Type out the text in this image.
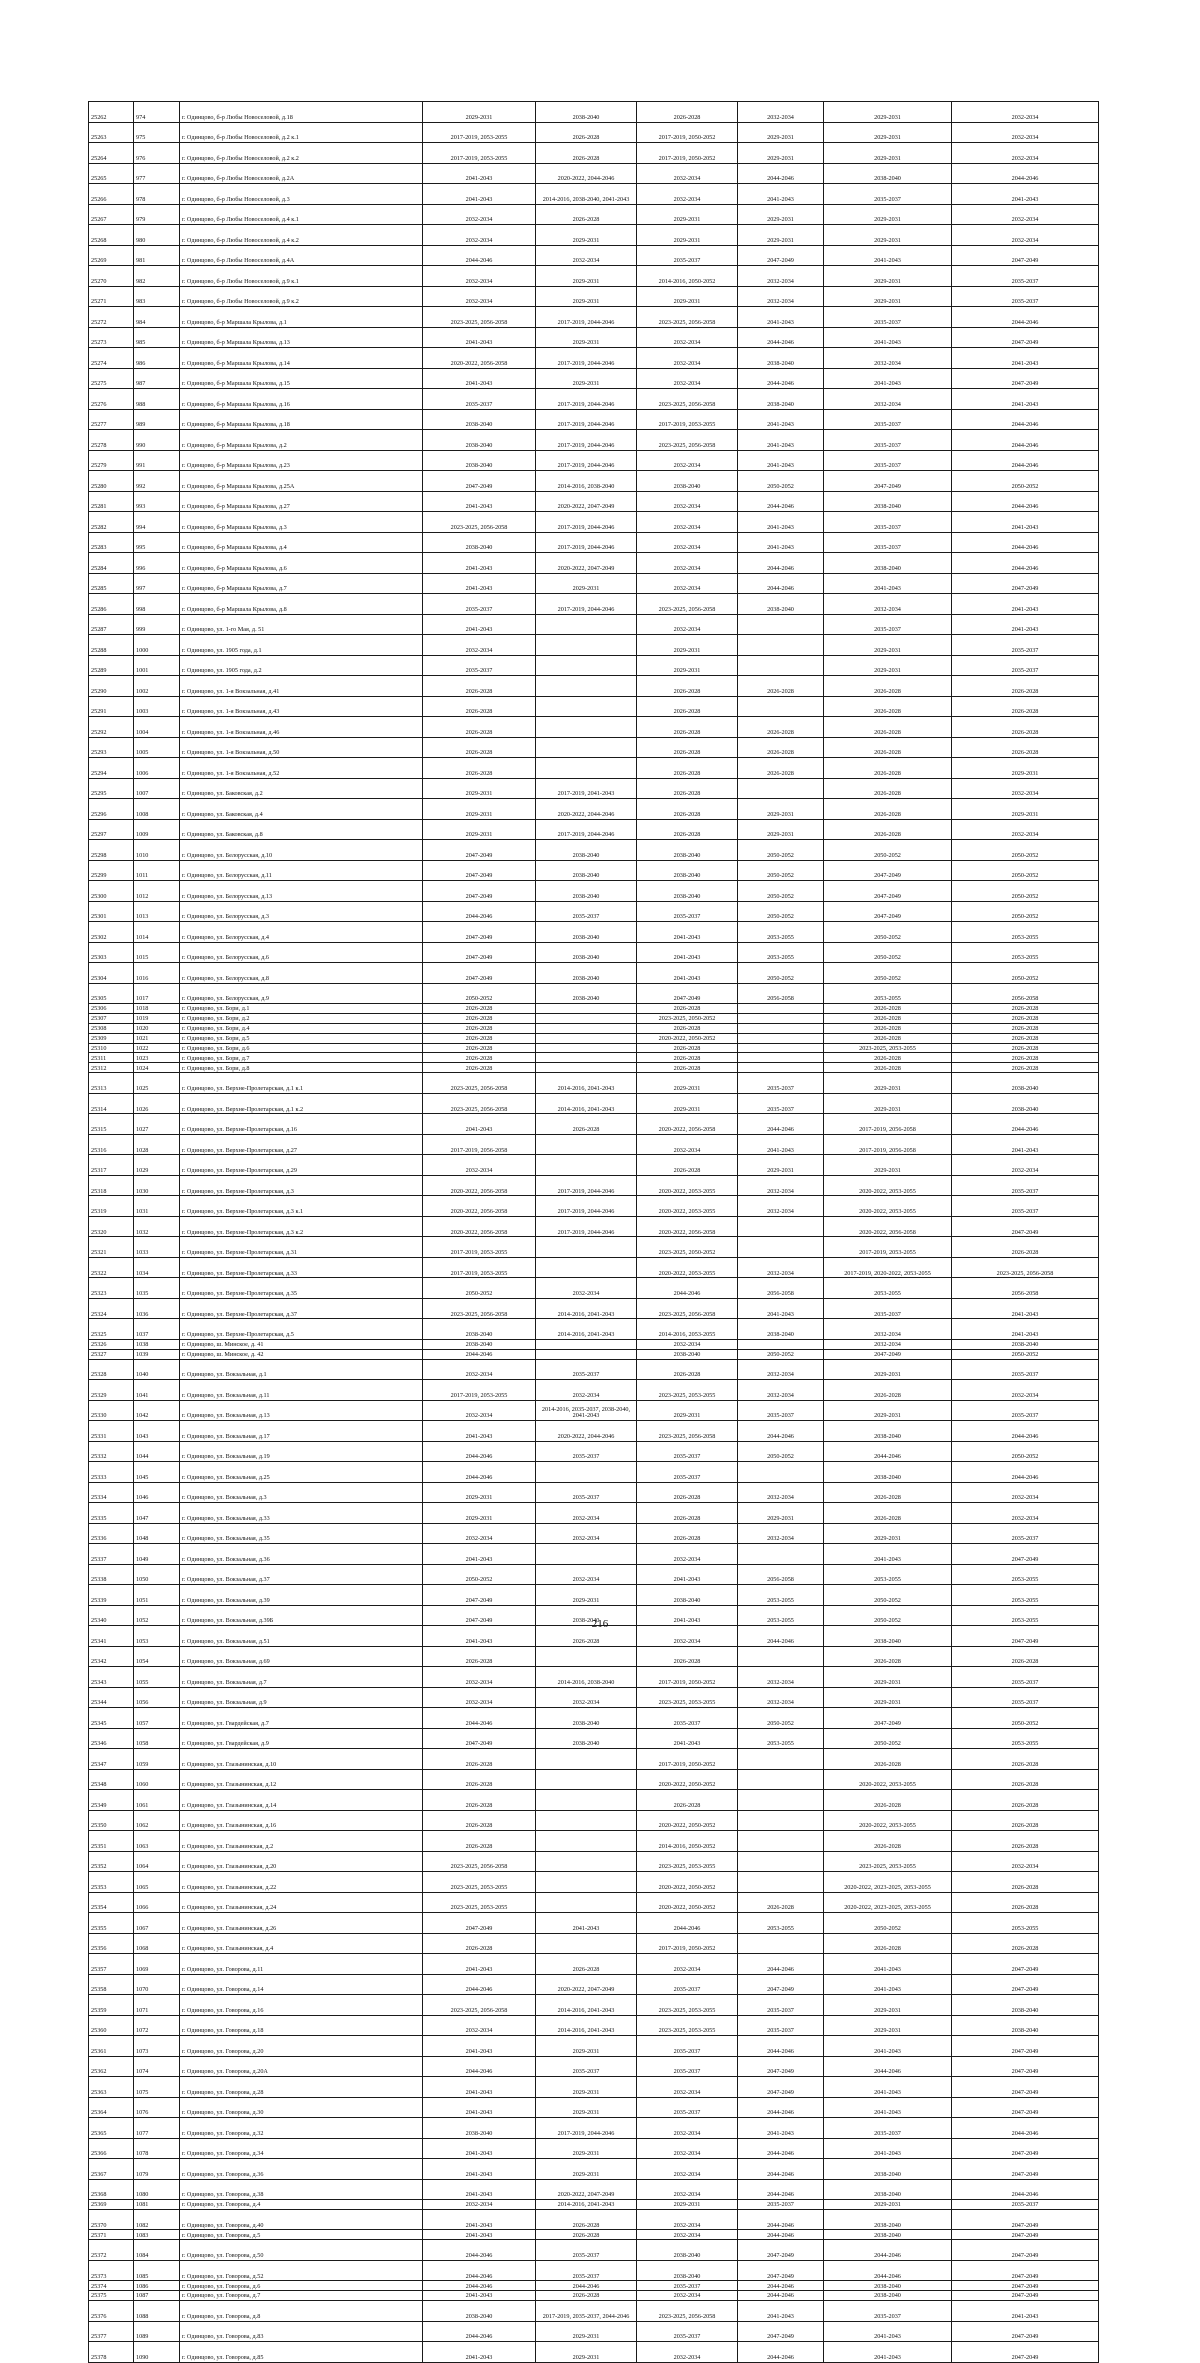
25262	974	г. Одинцово, б-р Любы Новоселовой, д.18	2029-2031	2038-2040	2026-2028	2032-2034	2029-2031	2032-2034
25263	975	г. Одинцово, б-р Любы Новоселовой, д.2 к.1	2017-2019, 2053-2055	2026-2028	2017-2019, 2050-2052	2029-2031	2029-2031	2032-2034
25264	976	г. Одинцово, б-р Любы Новоселовой, д.2 к.2	2017-2019, 2053-2055	2026-2028	2017-2019, 2050-2052	2029-2031	2029-2031	2032-2034
25265	977	г. Одинцово, б-р Любы Новоселовой, д.2А	2041-2043	2020-2022, 2044-2046	2032-2034	2044-2046	2038-2040	2044-2046
25266	978	г. Одинцово, б-р Любы Новоселовой, д.3	2041-2043	2014-2016, 2038-2040, 2041-2043	2032-2034	2041-2043	2035-2037	2041-2043
25267	979	г. Одинцово, б-р Любы Новоселовой, д.4 к.1	2032-2034	2026-2028	2029-2031	2029-2031	2029-2031	2032-2034
25268	980	г. Одинцово, б-р Любы Новоселовой, д.4 к.2	2032-2034	2029-2031	2029-2031	2029-2031	2029-2031	2032-2034
25269	981	г. Одинцово, б-р Любы Новоселовой, д.4А	2044-2046	2032-2034	2035-2037	2047-2049	2041-2043	2047-2049
25270	982	г. Одинцово, б-р Любы Новоселовой, д.9 к.1	2032-2034	2029-2031	2014-2016, 2050-2052	2032-2034	2029-2031	2035-2037
25271	983	г. Одинцово, б-р Любы Новоселовой, д.9 к.2	2032-2034	2029-2031	2029-2031	2032-2034	2029-2031	2035-2037
25272	984	г. Одинцово, б-р Маршала Крылова, д.1	2023-2025, 2056-2058	2017-2019, 2044-2046	2023-2025, 2056-2058	2041-2043	2035-2037	2044-2046
25273	985	г. Одинцово, б-р Маршала Крылова, д.13	2041-2043	2029-2031	2032-2034	2044-2046	2041-2043	2047-2049
25274	986	г. Одинцово, б-р Маршала Крылова, д.14	2020-2022, 2056-2058	2017-2019, 2044-2046	2032-2034	2038-2040	2032-2034	2041-2043
25275	987	г. Одинцово, б-р Маршала Крылова, д.15	2041-2043	2029-2031	2032-2034	2044-2046	2041-2043	2047-2049
25276	988	г. Одинцово, б-р Маршала Крылова, д.16	2035-2037	2017-2019, 2044-2046	2023-2025, 2056-2058	2038-2040	2032-2034	2041-2043
25277	989	г. Одинцово, б-р Маршала Крылова, д.18	2038-2040	2017-2019, 2044-2046	2017-2019, 2053-2055	2041-2043	2035-2037	2044-2046
25278	990	г. Одинцово, б-р Маршала Крылова, д.2	2038-2040	2017-2019, 2044-2046	2023-2025, 2056-2058	2041-2043	2035-2037	2044-2046
25279	991	г. Одинцово, б-р Маршала Крылова, д.23	2038-2040	2017-2019, 2044-2046	2032-2034	2041-2043	2035-2037	2044-2046
25280	992	г. Одинцово, б-р Маршала Крылова, д.25А	2047-2049	2014-2016, 2038-2040	2038-2040	2050-2052	2047-2049	2050-2052
25281	993	г. Одинцово, б-р Маршала Крылова, д.27	2041-2043	2020-2022, 2047-2049	2032-2034	2044-2046	2038-2040	2044-2046
25282	994	г. Одинцово, б-р Маршала Крылова, д.3	2023-2025, 2056-2058	2017-2019, 2044-2046	2032-2034	2041-2043	2035-2037	2041-2043
25283	995	г. Одинцово, б-р Маршала Крылова, д.4	2038-2040	2017-2019, 2044-2046	2032-2034	2041-2043	2035-2037	2044-2046
25284	996	г. Одинцово, б-р Маршала Крылова, д.6	2041-2043	2020-2022, 2047-2049	2032-2034	2044-2046	2038-2040	2044-2046
25285	997	г. Одинцово, б-р Маршала Крылова, д.7	2041-2043	2029-2031	2032-2034	2044-2046	2041-2043	2047-2049
25286	998	г. Одинцово, б-р Маршала Крылова, д.8	2035-2037	2017-2019, 2044-2046	2023-2025, 2056-2058	2038-2040	2032-2034	2041-2043
25287	999	г. Одинцово, ул. 1-го Мая, д. 51	2041-2043		2032-2034		2035-2037	2041-2043
25288	1000	г. Одинцово, ул. 1905 года, д.1	2032-2034		2029-2031		2029-2031	2035-2037
25289	1001	г. Одинцово, ул. 1905 года, д.2	2035-2037		2029-2031		2029-2031	2035-2037
25290	1002	г. Одинцово, ул. 1-я Вокзальная, д.41	2026-2028		2026-2028	2026-2028	2026-2028	2026-2028
25291	1003	г. Одинцово, ул. 1-я Вокзальная, д.43	2026-2028		2026-2028		2026-2028	2026-2028
25292	1004	г. Одинцово, ул. 1-я Вокзальная, д.46	2026-2028		2026-2028	2026-2028	2026-2028	2026-2028
25293	1005	г. Одинцово, ул. 1-я Вокзальная, д.50	2026-2028		2026-2028	2026-2028	2026-2028	2026-2028
25294	1006	г. Одинцово, ул. 1-я Вокзальная, д.52	2026-2028		2026-2028	2026-2028	2026-2028	2029-2031
25295	1007	г. Одинцово, ул. Баковская, д.2	2029-2031	2017-2019, 2041-2043	2026-2028		2026-2028	2032-2034
25296	1008	г. Одинцово, ул. Баковская, д.4	2029-2031	2020-2022, 2044-2046	2026-2028	2029-2031	2026-2028	2029-2031
25297	1009	г. Одинцово, ул. Баковская, д.8	2029-2031	2017-2019, 2044-2046	2026-2028	2029-2031	2026-2028	2032-2034
25298	1010	г. Одинцово, ул. Белорусская, д.10	2047-2049	2038-2040	2038-2040	2050-2052	2050-2052	2050-2052
25299	1011	г. Одинцово, ул. Белорусская, д.11	2047-2049	2038-2040	2038-2040	2050-2052	2047-2049	2050-2052
25300	1012	г. Одинцово, ул. Белорусская, д.13	2047-2049	2038-2040	2038-2040	2050-2052	2047-2049	2050-2052
25301	1013	г. Одинцово, ул. Белорусская, д.3	2044-2046	2035-2037	2035-2037	2050-2052	2047-2049	2050-2052
25302	1014	г. Одинцово, ул. Белорусская, д.4	2047-2049	2038-2040	2041-2043	2053-2055	2050-2052	2053-2055
25303	1015	г. Одинцово, ул. Белорусская, д.6	2047-2049	2038-2040	2041-2043	2053-2055	2050-2052	2053-2055
25304	1016	г. Одинцово, ул. Белорусская, д.8	2047-2049	2038-2040	2041-2043	2050-2052	2050-2052	2050-2052
25305	1017	г. Одинцово, ул. Белорусская, д.9	2050-2052	2038-2040	2047-2049	2056-2058	2053-2055	2056-2058
25306	1018	г. Одинцово, ул. Бори, д.1	2026-2028		2026-2028		2026-2028	2026-2028
25307	1019	г. Одинцово, ул. Бори, д.2	2026-2028		2023-2025, 2050-2052		2026-2028	2026-2028
25308	1020	г. Одинцово, ул. Бори, д.4	2026-2028		2026-2028		2026-2028	2026-2028
25309	1021	г. Одинцово, ул. Бори, д.5	2026-2028		2020-2022, 2050-2052		2026-2028	2026-2028
25310	1022	г. Одинцово, ул. Бори, д.6	2026-2028		2026-2028		2023-2025, 2053-2055	2026-2028
25311	1023	г. Одинцово, ул. Бори, д.7	2026-2028		2026-2028		2026-2028	2026-2028
25312	1024	г. Одинцово, ул. Бори, д.8	2026-2028		2026-2028		2026-2028	2026-2028
25313	1025	г. Одинцово, ул. Верхне-Пролетарская, д.1 к.1	2023-2025, 2056-2058	2014-2016, 2041-2043	2029-2031	2035-2037	2029-2031	2038-2040
25314	1026	г. Одинцово, ул. Верхне-Пролетарская, д.1 к.2	2023-2025, 2056-2058	2014-2016, 2041-2043	2029-2031	2035-2037	2029-2031	2038-2040
25315	1027	г. Одинцово, ул. Верхне-Пролетарская, д.16	2041-2043	2026-2028	2020-2022, 2056-2058	2044-2046	2017-2019, 2056-2058	2044-2046
25316	1028	г. Одинцово, ул. Верхне-Пролетарская, д.27	2017-2019, 2056-2058		2032-2034	2041-2043	2017-2019, 2056-2058	2041-2043
25317	1029	г. Одинцово, ул. Верхне-Пролетарская, д.29	2032-2034		2026-2028	2029-2031	2029-2031	2032-2034
25318	1030	г. Одинцово, ул. Верхне-Пролетарская, д.3	2020-2022, 2056-2058	2017-2019, 2044-2046	2020-2022, 2053-2055	2032-2034	2020-2022, 2053-2055	2035-2037
25319	1031	г. Одинцово, ул. Верхне-Пролетарская, д.3 к.1	2020-2022, 2056-2058	2017-2019, 2044-2046	2020-2022, 2053-2055	2032-2034	2020-2022, 2053-2055	2035-2037
25320	1032	г. Одинцово, ул. Верхне-Пролетарская, д.3 к.2	2020-2022, 2056-2058	2017-2019, 2044-2046	2020-2022, 2056-2058		2020-2022, 2056-2058	2047-2049
25321	1033	г. Одинцово, ул. Верхне-Пролетарская, д.31	2017-2019, 2053-2055		2023-2025, 2050-2052		2017-2019, 2053-2055	2026-2028
25322	1034	г. Одинцово, ул. Верхне-Пролетарская, д.33	2017-2019, 2053-2055		2020-2022, 2053-2055	2032-2034	2017-2019, 2020-2022, 2053-2055	2023-2025, 2056-2058
25323	1035	г. Одинцово, ул. Верхне-Пролетарская, д.35	2050-2052	2032-2034	2044-2046	2056-2058	2053-2055	2056-2058
25324	1036	г. Одинцово, ул. Верхне-Пролетарская, д.37	2023-2025, 2056-2058	2014-2016, 2041-2043	2023-2025, 2056-2058	2041-2043	2035-2037	2041-2043
25325	1037	г. Одинцово, ул. Верхне-Пролетарская, д.5	2038-2040	2014-2016, 2041-2043	2014-2016, 2053-2055	2038-2040	2032-2034	2041-2043
25326	1038	г. Одинцово, ш. Минское, д. 41	2038-2040		2032-2034		2032-2034	2038-2040
25327	1039	г. Одинцово, ш. Минское, д. 42	2044-2046		2038-2040	2050-2052	2047-2049	2050-2052
25328	1040	г. Одинцово, ул. Вокзальная, д.1	2032-2034	2035-2037	2026-2028	2032-2034	2029-2031	2035-2037
25329	1041	г. Одинцово, ул. Вокзальная, д.11	2017-2019, 2053-2055	2032-2034	2023-2025, 2053-2055	2032-2034	2026-2028	2032-2034
25330	1042	г. Одинцово, ул. Вокзальная, д.13	2032-2034	2014-2016, 2035-2037, 2038-2040, 2041-2043	2029-2031	2035-2037	2029-2031	2035-2037
25331	1043	г. Одинцово, ул. Вокзальная, д.17	2041-2043	2020-2022, 2044-2046	2023-2025, 2056-2058	2044-2046	2038-2040	2044-2046
25332	1044	г. Одинцово, ул. Вокзальная, д.19	2044-2046	2035-2037	2035-2037	2050-2052	2044-2046	2050-2052
25333	1045	г. Одинцово, ул. Вокзальная, д.25	2044-2046		2035-2037		2038-2040	2044-2046
25334	1046	г. Одинцово, ул. Вокзальная, д.3	2029-2031	2035-2037	2026-2028	2032-2034	2026-2028	2032-2034
25335	1047	г. Одинцово, ул. Вокзальная, д.33	2029-2031	2032-2034	2026-2028	2029-2031	2026-2028	2032-2034
25336	1048	г. Одинцово, ул. Вокзальная, д.35	2032-2034	2032-2034	2026-2028	2032-2034	2029-2031	2035-2037
25337	1049	г. Одинцово, ул. Вокзальная, д.36	2041-2043		2032-2034		2041-2043	2047-2049
25338	1050	г. Одинцово, ул. Вокзальная, д.37	2050-2052	2032-2034	2041-2043	2056-2058	2053-2055	2053-2055
25339	1051	г. Одинцово, ул. Вокзальная, д.39	2047-2049	2029-2031	2038-2040	2053-2055	2050-2052	2053-2055
25340	1052	г. Одинцово, ул. Вокзальная, д.39Б	2047-2049	2038-2040	2041-2043	2053-2055	2050-2052	2053-2055
25341	1053	г. Одинцово, ул. Вокзальная, д.51	2041-2043	2026-2028	2032-2034	2044-2046	2038-2040	2047-2049
25342	1054	г. Одинцово, ул. Вокзальная, д.69	2026-2028		2026-2028		2026-2028	2026-2028
25343	1055	г. Одинцово, ул. Вокзальная, д.7	2032-2034	2014-2016, 2038-2040	2017-2019, 2050-2052	2032-2034	2029-2031	2035-2037
25344	1056	г. Одинцово, ул. Вокзальная, д.9	2032-2034	2032-2034	2023-2025, 2053-2055	2032-2034	2029-2031	2035-2037
25345	1057	г. Одинцово, ул. Гвардейская, д.7	2044-2046	2038-2040	2035-2037	2050-2052	2047-2049	2050-2052
25346	1058	г. Одинцово, ул. Гвардейская, д.9	2047-2049	2038-2040	2041-2043	2053-2055	2050-2052	2053-2055
25347	1059	г. Одинцово, ул. Глазынинская, д.10	2026-2028		2017-2019, 2050-2052		2026-2028	2026-2028
25348	1060	г. Одинцово, ул. Глазынинская, д.12	2026-2028		2020-2022, 2050-2052		2020-2022, 2053-2055	2026-2028
25349	1061	г. Одинцово, ул. Глазынинская, д.14	2026-2028		2026-2028		2026-2028	2026-2028
25350	1062	г. Одинцово, ул. Глазынинская, д.16	2026-2028		2020-2022, 2050-2052		2020-2022, 2053-2055	2026-2028
25351	1063	г. Одинцово, ул. Глазынинская, д.2	2026-2028		2014-2016, 2050-2052		2026-2028	2026-2028
25352	1064	г. Одинцово, ул. Глазынинская, д.20	2023-2025, 2056-2058		2023-2025, 2053-2055		2023-2025, 2053-2055	2032-2034
25353	1065	г. Одинцово, ул. Глазынинская, д.22	2023-2025, 2053-2055		2020-2022, 2050-2052		2020-2022, 2023-2025, 2053-2055	2026-2028
25354	1066	г. Одинцово, ул. Глазынинская, д.24	2023-2025, 2053-2055		2020-2022, 2050-2052	2026-2028	2020-2022, 2023-2025, 2053-2055	2026-2028
25355	1067	г. Одинцово, ул. Глазынинская, д.26	2047-2049	2041-2043	2044-2046	2053-2055	2050-2052	2053-2055
25356	1068	г. Одинцово, ул. Глазынинская, д.4	2026-2028		2017-2019, 2050-2052		2026-2028	2026-2028
25357	1069	г. Одинцово, ул. Говорова, д.11	2041-2043	2026-2028	2032-2034	2044-2046	2041-2043	2047-2049
25358	1070	г. Одинцово, ул. Говорова, д.14	2044-2046	2020-2022, 2047-2049	2035-2037	2047-2049	2041-2043	2047-2049
25359	1071	г. Одинцово, ул. Говорова, д.16	2023-2025, 2056-2058	2014-2016, 2041-2043	2023-2025, 2053-2055	2035-2037	2029-2031	2038-2040
25360	1072	г. Одинцово, ул. Говорова, д.18	2032-2034	2014-2016, 2041-2043	2023-2025, 2053-2055	2035-2037	2029-2031	2038-2040
25361	1073	г. Одинцово, ул. Говорова, д.20	2041-2043	2029-2031	2035-2037	2044-2046	2041-2043	2047-2049
25362	1074	г. Одинцово, ул. Говорова, д.20А	2044-2046	2035-2037	2035-2037	2047-2049	2044-2046	2047-2049
25363	1075	г. Одинцово, ул. Говорова, д.28	2041-2043	2029-2031	2032-2034	2047-2049	2041-2043	2047-2049
25364	1076	г. Одинцово, ул. Говорова, д.30	2041-2043	2029-2031	2035-2037	2044-2046	2041-2043	2047-2049
25365	1077	г. Одинцово, ул. Говорова, д.32	2038-2040	2017-2019, 2044-2046	2032-2034	2041-2043	2035-2037	2044-2046
25366	1078	г. Одинцово, ул. Говорова, д.34	2041-2043	2029-2031	2032-2034	2044-2046	2041-2043	2047-2049
25367	1079	г. Одинцово, ул. Говорова, д.36	2041-2043	2029-2031	2032-2034	2044-2046	2038-2040	2047-2049
25368	1080	г. Одинцово, ул. Говорова, д.38	2041-2043	2020-2022, 2047-2049	2032-2034	2044-2046	2038-2040	2044-2046
25369	1081	г. Одинцово, ул. Говорова, д.4	2032-2034	2014-2016, 2041-2043	2029-2031	2035-2037	2029-2031	2035-2037
25370	1082	г. Одинцово, ул. Говорова, д.40	2041-2043	2026-2028	2032-2034	2044-2046	2038-2040	2047-2049
25371	1083	г. Одинцово, ул. Говорова, д.5	2041-2043	2026-2028	2032-2034	2044-2046	2038-2040	2047-2049
25372	1084	г. Одинцово, ул. Говорова, д.50	2044-2046	2035-2037	2038-2040	2047-2049	2044-2046	2047-2049
25373	1085	г. Одинцово, ул. Говорова, д.52	2044-2046	2035-2037	2038-2040	2047-2049	2044-2046	2047-2049
25374	1086	г. Одинцово, ул. Говорова, д.6	2044-2046	2044-2046	2035-2037	2044-2046	2038-2040	2047-2049
25375	1087	г. Одинцово, ул. Говорова, д.7	2041-2043	2026-2028	2032-2034	2044-2046	2038-2040	2047-2049
25376	1088	г. Одинцово, ул. Говорова, д.8	2038-2040	2017-2019, 2035-2037, 2044-2046	2023-2025, 2056-2058	2041-2043	2035-2037	2041-2043
25377	1089	г. Одинцово, ул. Говорова, д.83	2044-2046	2029-2031	2035-2037	2047-2049	2041-2043	2047-2049
25378	1090	г. Одинцово, ул. Говорова, д.85	2041-2043	2029-2031	2032-2034	2044-2046	2041-2043	2047-2049
216
